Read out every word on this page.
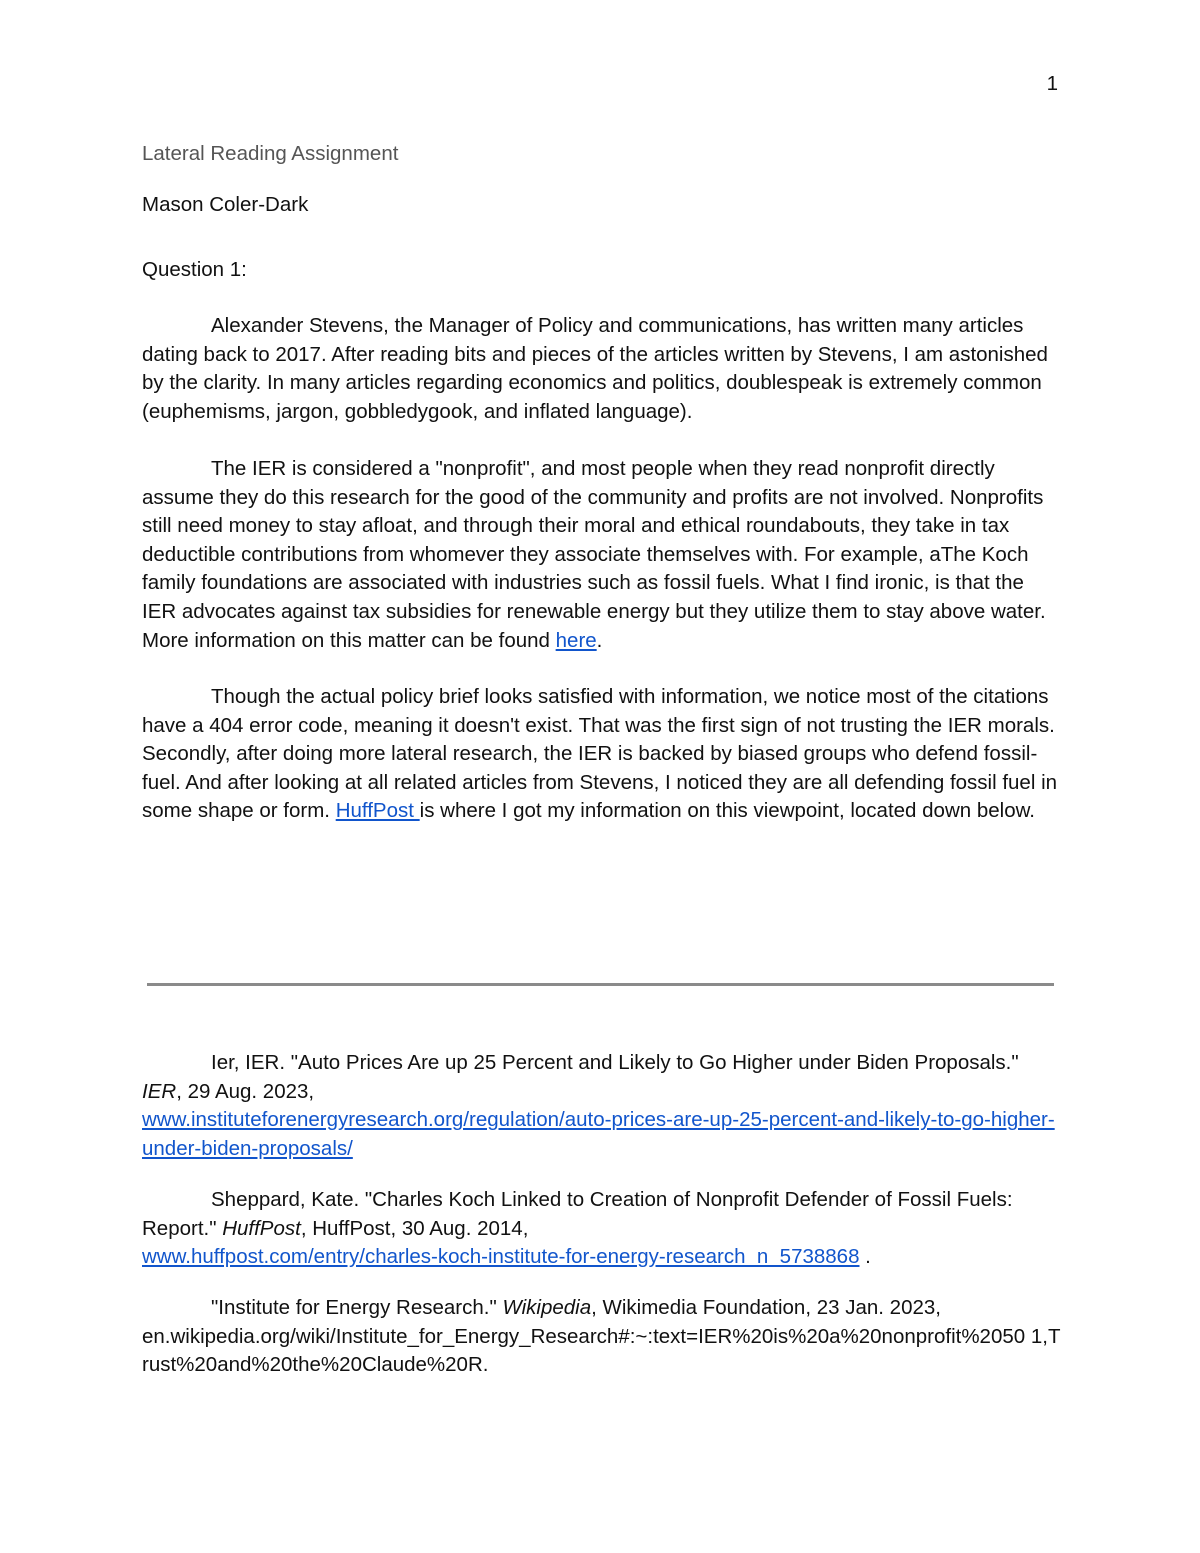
1
Lateral Reading Assignment
Mason Coler-Dark
Question 1:

Alexander Stevens, the Manager of Policy and communications, has written many articles dating back to 2017. After reading bits and pieces of the articles written by Stevens, I am astonished by the clarity. In many articles regarding economics and politics, doublespeak is extremely common (euphemisms, jargon, gobbledygook, and inflated language).

The IER is considered a "nonprofit", and most people when they read nonprofit directly assume they do this research for the good of the community and profits are not involved. Nonprofits still need money to stay afloat, and through their moral and ethical roundabouts, they take in tax deductible contributions from whomever they associate themselves with. For example, aThe Koch family foundations are associated with industries such as fossil fuels. What I find ironic, is that the IER advocates against tax subsidies for renewable energy but they utilize them to stay above water. More information on this matter can be found here.

Though the actual policy brief looks satisfied with information, we notice most of the citations have a 404 error code, meaning it doesn't exist. That was the first sign of not trusting the IER morals. Secondly, after doing more lateral research, the IER is backed by biased groups who defend fossil-fuel. And after looking at all related articles from Stevens, I noticed they are all defending fossil fuel in some shape or form. HuffPost is where I got my information on this viewpoint, located down below.

Ier, IER. "Auto Prices Are up 25 Percent and Likely to Go Higher under Biden Proposals." IER, 29 Aug. 2023,
www.instituteforenergyresearch.org/regulation/auto-prices-are-up-25-percent-and-likely-to-go-higher-under-biden-proposals/

Sheppard, Kate. "Charles Koch Linked to Creation of Nonprofit Defender of Fossil Fuels: Report." HuffPost, HuffPost, 30 Aug. 2014,
www.huffpost.com/entry/charles-koch-institute-for-energy-research_n_5738868 .

"Institute for Energy Research." Wikipedia, Wikimedia Foundation, 23 Jan. 2023,
en.wikipedia.org/wiki/Institute_for_Energy_Research#:~:text=IER%20is%20a%20nonprofit%2050 1,Trust%20and%20the%20Claude%20R.
